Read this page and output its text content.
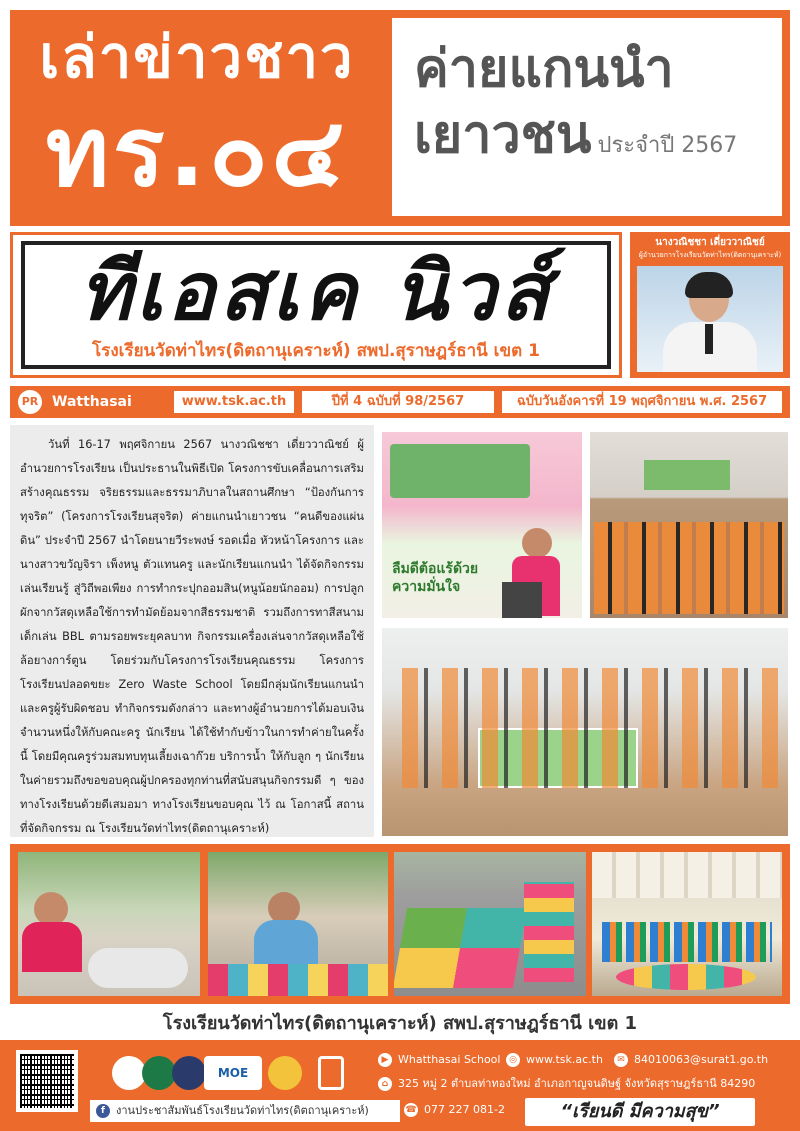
เล่าข่าวชาว
ทร.๐๔
ค่ายแกนนำ
เยาวชน ประจำปี 2567
ทีเอสเค นิวส์
โรงเรียนวัดท่าไทร(ดิตถานุเคราะห์) สพป.สุราษฎร์ธานี เขต 1
นางวณิชชา เดี่ยววาณิชย์
ผู้อำนวยการโรงเรียนวัดท่าไทร(ดิตถานุเคราะห์)
PR Watthasai	www.tsk.ac.th	ปีที่ 4 ฉบับที่ 98/2567	ฉบับวันอังคารที่ 19 พฤศจิกายน พ.ศ. 2567

วันที่ 16-17 พฤศจิกายน 2567 นางวณิชชา เดี่ยววาณิชย์ ผู้อำนวยการโรงเรียน เป็นประธานในพิธีเปิด โครงการขับเคลื่อนการเสริมสร้างคุณธรรม จริยธรรมและธรรมาภิบาลในสถานศึกษา “ป้องกันการทุจริต” (โครงการโรงเรียนสุจริต) ค่ายแกนนำเยาวชน “คนดีของแผ่นดิน” ประจำปี 2567 นำโดยนายวีระพงษ์ รอดเมื่อ หัวหน้าโครงการ และนางสาวขวัญจิรา เพ็งหนู ตัวแทนครู และนักเรียนแกนนำ ได้จัดกิจกรรมเล่นเรียนรู้ สู่วิถีพอเพียง การทำกระปุกออมสิน(หนูน้อยนักออม) การปลูกผักจากวัสดุเหลือใช้การทำมัดย้อมจากสีธรรมชาติ รวมถึงการทาสีสนามเด็กเล่น BBL ตามรอยพระยุคลบาท กิจกรรมเครื่องเล่นจากวัสดุเหลือใช้ล้อยางการ์ตูน โดยร่วมกับโครงการโรงเรียนคุณธรรม โครงการโรงเรียนปลอดขยะ Zero Waste School โดยมีกลุ่มนักเรียนแกนนำ และครูผู้รับผิดชอบ ทำกิจกรรมดังกล่าว และทางผู้อำนวยการได้มอบเงินจำนวนหนึ่งให้กับคณะครู นักเรียน ได้ใช้ทำกับข้าวในการทำค่ายในครั้งนี้ โดยมีคุณครูร่วมสมทบทุนเลี้ยงเฉาก๊วย บริการน้ำ ให้กับลูก ๆ นักเรียนในค่ายรวมถึงขอขอบคุณผู้ปกครองทุกท่านที่สนับสนุนกิจกรรมดี ๆ ของทางโรงเรียนด้วยดีเสมอมา ทางโรงเรียนขอบคุณ ไว้ ณ โอกาสนี้ สถานที่จัดกิจกรรม ณ โรงเรียนวัดท่าไทร(ดิตถานุเคราะห์)

ลืมดีต้อแร้ด้วยความมั่นใจ
โรงเรียนวัดท่าไทร(ดิตถานุเคราะห์) สพป.สุราษฎร์ธานี เขต 1
MOE
▶ Whatthasai School ◎ www.tsk.ac.th	✉ 84010063@surat1.go.th
⌂ 325 หมู่ 2 ตำบลท่าทองใหม่ อำเภอกาญจนดิษฐ์ จังหวัดสุราษฎร์ธานี 84290
f งานประชาสัมพันธ์โรงเรียนวัดท่าไทร(ดิตถานุเคราะห์)	☎ 077 227 081-2	“เรียนดี มีความสุข”
